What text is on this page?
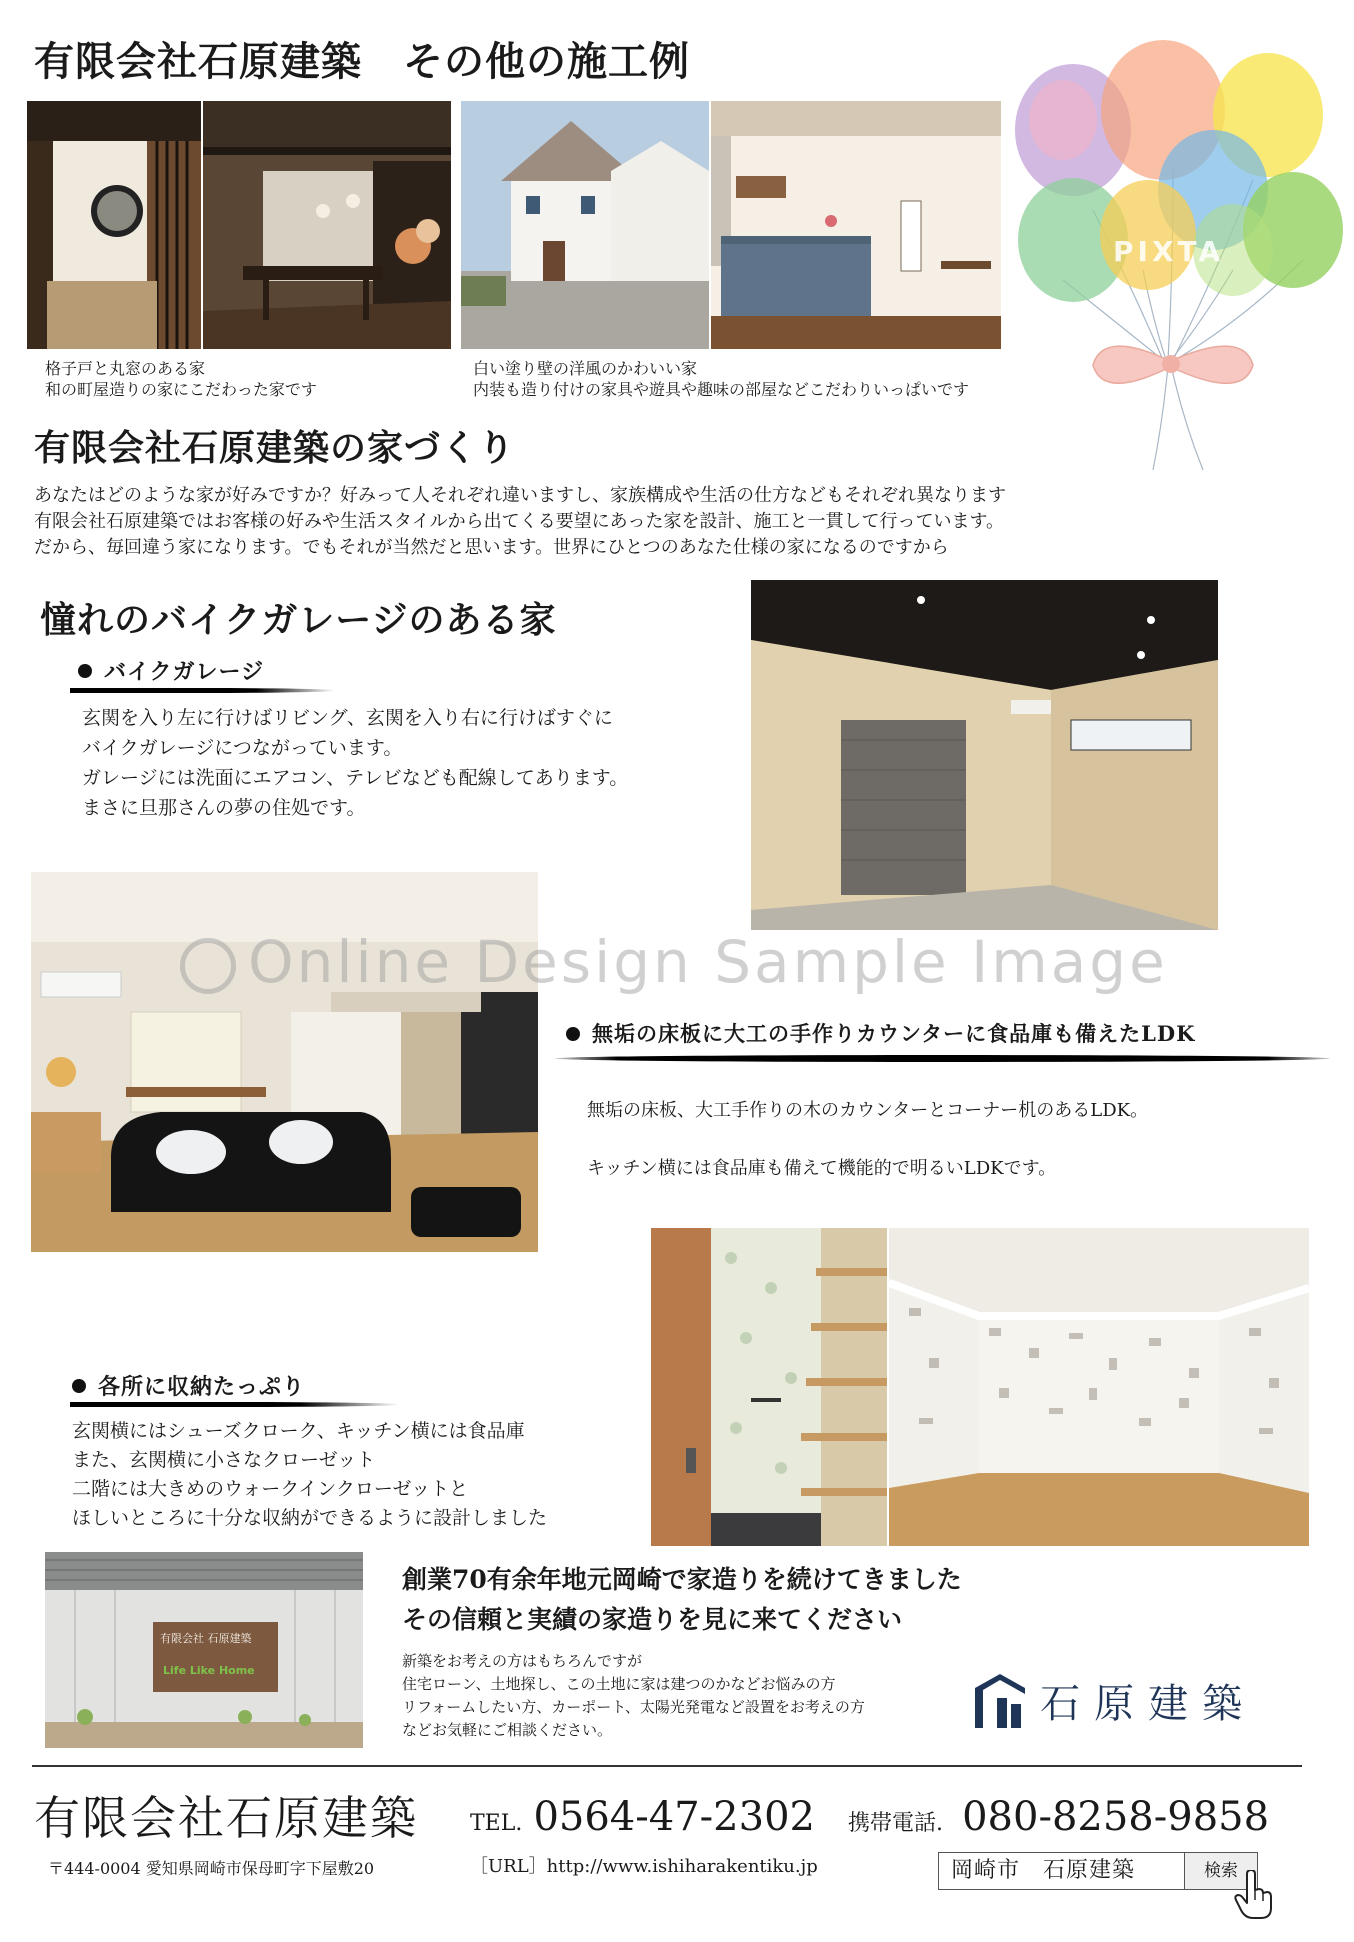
有限会社石原建築　その他の施工例
格子戸と丸窓のある家
和の町屋造りの家にこだわった家です
白い塗り壁の洋風のかわいい家
内装も造り付けの家具や遊具や趣味の部屋などこだわりいっぱいです
PIXTA
有限会社石原建築の家づくり
あなたはどのような家が好みですか？好みって人それぞれ違いますし、家族構成や生活の仕方などもそれぞれ異なります
有限会社石原建築ではお客様の好みや生活スタイルから出てくる要望にあった家を設計、施工と一貫して行っています。
だから、毎回違う家になります。でもそれが当然だと思います。世界にひとつのあなた仕様の家になるのですから
憧れのバイクガレージのある家
バイクガレージ
玄関を入り左に行けばリビング、玄関を入り右に行けばすぐに
バイクガレージにつながっています。
ガレージには洗面にエアコン、テレビなども配線してあります。
まさに旦那さんの夢の住処です。
Online Design Sample Image
無垢の床板に大工の手作りカウンターに食品庫も備えたLDK
無垢の床板、大工手作りの木のカウンターとコーナー机のあるLDK。
キッチン横には食品庫も備えて機能的で明るいLDKです。
各所に収納たっぷり
玄関横にはシューズクローク、キッチン横には食品庫
また、玄関横に小さなクローゼット
二階には大きめのウォークインクローゼットと
ほしいところに十分な収納ができるように設計しました
有限会社 石原建築
Life Like Home
創業70有余年地元岡崎で家造りを続けてきました
その信頼と実績の家造りを見に来てください
新築をお考えの方はもちろんですが
住宅ローン、土地探し、この土地に家は建つのかなどお悩みの方
リフォームしたい方、カーポート、太陽光発電など設置をお考えの方
などお気軽にご相談ください。
石原建築
有限会社石原建築 TEL. 0564-47-2302 携帯電話. 080-8258-9858
〒444-0004 愛知県岡崎市保母町字下屋敷20	［URL］http://www.ishiharakentiku.jp	岡崎市　石原建築	検索
